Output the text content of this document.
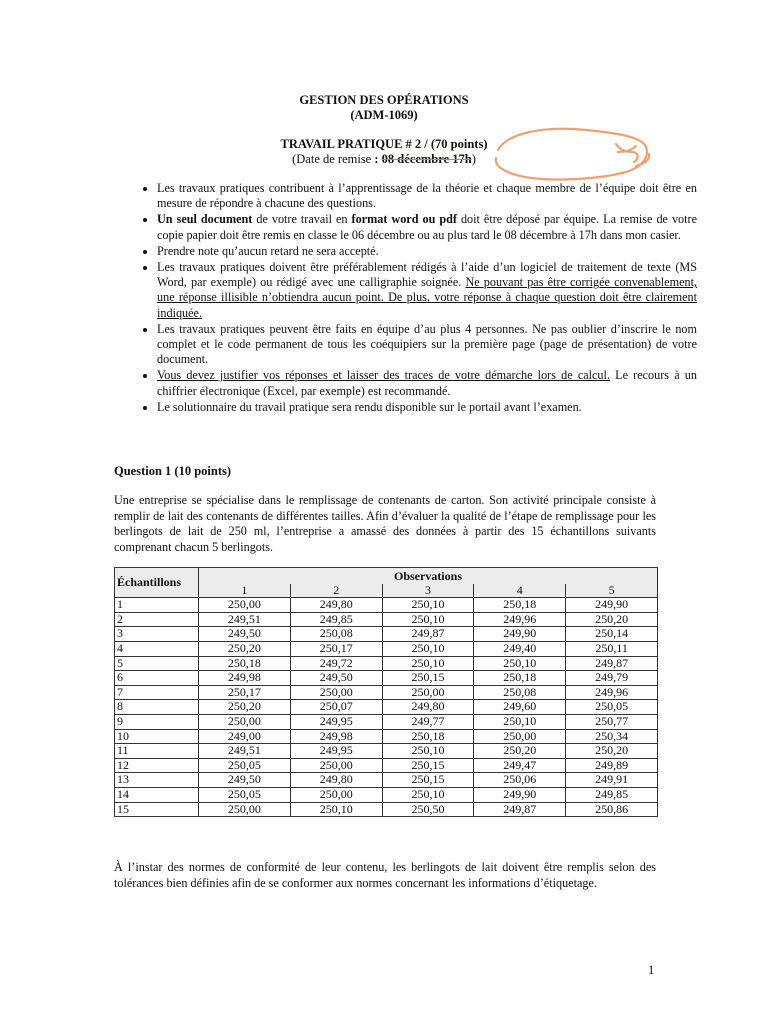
GESTION DES OPÉRATIONS
(ADM-1069)
TRAVAIL PRATIQUE # 2 / (70 points)
(Date de remise : 08 décembre 17h)
• Les travaux pratiques contribuent à l’apprentissage de la théorie et chaque membre de l’équipe doit être en mesure de répondre à chacune des questions.
• Un seul document de votre travail en format word ou pdf doit être déposé par équipe. La remise de votre copie papier doit être remis en classe le 06 décembre ou au plus tard le 08 décembre à 17h dans mon casier.
• Prendre note qu’aucun retard ne sera accepté.
• Les travaux pratiques doivent être préférablement rédigés à l’aide d’un logiciel de traitement de texte (MS Word, par exemple) ou rédigé avec une calligraphie soignée. Ne pouvant pas être corrigée convenablement, une réponse illisible n’obtiendra aucun point. De plus, votre réponse à chaque question doit être clairement indiquée.
• Les travaux pratiques peuvent être faits en équipe d’au plus 4 personnes. Ne pas oublier d’inscrire le nom complet et le code permanent de tous les coéquipiers sur la première page (page de présentation) de votre document.
• Vous devez justifier vos réponses et laisser des traces de votre démarche lors de calcul. Le recours à un chiffrier électronique (Excel, par exemple) est recommandé.
• Le solutionnaire du travail pratique sera rendu disponible sur le portail avant l’examen.
Question 1 (10 points)

Une entreprise se spécialise dans le remplissage de contenants de carton. Son activité principale consiste à remplir de lait des contenants de différentes tailles. Afin d’évaluer la qualité de l’étape de remplissage pour les berlingots de lait de 250 ml, l’entreprise a amassé des données à partir des 15 échantillons suivants comprenant chacun 5 berlingots.

Échantillons	Observations				
	1	2	3	4	5
1	250,00	249,80	250,10	250,18	249,90
2	249,51	249,85	250,10	249,96	250,20
3	249,50	250,08	249,87	249,90	250,14
4	250,20	250,17	250,10	249,40	250,11
5	250,18	249,72	250,10	250,10	249,87
6	249,98	249,50	250,15	250,18	249,79
7	250,17	250,00	250,00	250,08	249,96
8	250,20	250,07	249,80	249,60	250,05
9	250,00	249,95	249,77	250,10	250,77
10	249,00	249,98	250,18	250,00	250,34
11	249,51	249,95	250,10	250,20	250,20
12	250,05	250,00	250,15	249,47	249,89
13	249,50	249,80	250,15	250,06	249,91
14	250,05	250,00	250,10	249,90	249,85
15	250,00	250,10	250,50	249,87	250,86

À l’instar des normes de conformité de leur contenu, les berlingots de lait doivent être remplis selon des tolérances bien définies afin de se conformer aux normes concernant les informations d’étiquetage.

1
